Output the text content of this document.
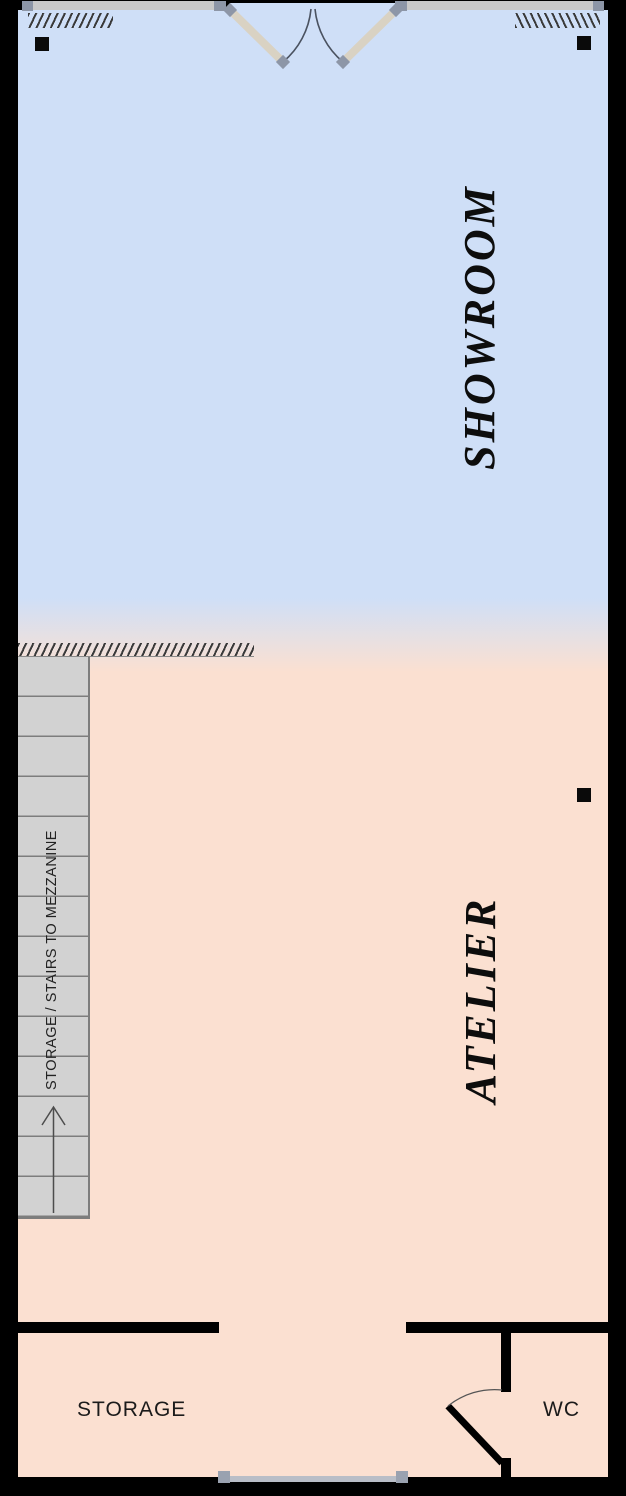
STORAGE / STAIRS TO MEZZANINE
SHOWROOM
ATELIER
STORAGE	WC
